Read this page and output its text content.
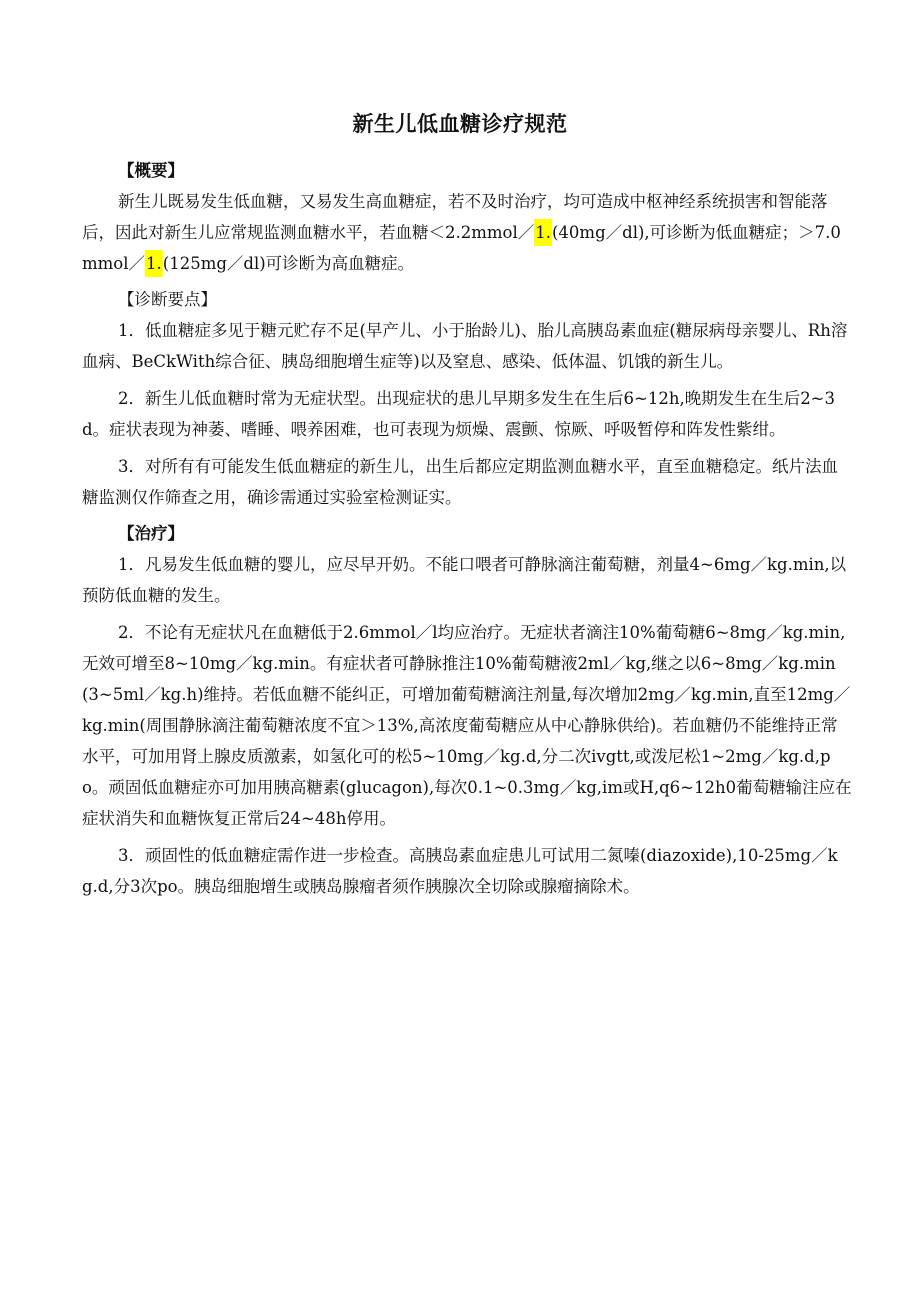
新生儿低血糖诊疗规范
【概要】

新生儿既易发生低血糖，又易发生高血糖症，若不及时治疗，均可造成中枢神经系统损害和智能落后，因此对新生儿应常规监测血糖水平，若血糖＜2.2mmol／1.(40mg／dl),可诊断为低血糖症；＞7.0mmol／1.(125mg／dl)可诊断为高血糖症。

【诊断要点】

1．低血糖症多见于糖元贮存不足(早产儿、小于胎龄儿)、胎儿高胰岛素血症(糖尿病母亲婴儿、Rh溶血病、BeCkWith综合征、胰岛细胞增生症等)以及窒息、感染、低体温、饥饿的新生儿。

2．新生儿低血糖时常为无症状型。出现症状的患儿早期多发生在生后6~12h,晚期发生在生后2~3d。症状表现为神萎、嗜睡、喂养困难，也可表现为烦燥、震颤、惊厥、呼吸暂停和阵发性紫绀。

3．对所有有可能发生低血糖症的新生儿，出生后都应定期监测血糖水平，直至血糖稳定。纸片法血糖监测仅作筛查之用，确诊需通过实验室检测证实。

【治疗】

1．凡易发生低血糖的婴儿，应尽早开奶。不能口喂者可静脉滴注葡萄糖，剂量4~6mg／kg.min,以预防低血糖的发生。

2．不论有无症状凡在血糖低于2.6mmol／l均应治疗。无症状者滴注10%葡萄糖6~8mg／kg.min,无效可增至8~10mg／kg.min。有症状者可静脉推注10%葡萄糖液2ml／kg,继之以6~8mg／kg.min(3~5ml／kg.h)维持。若低血糖不能纠正，可增加葡萄糖滴注剂量,每次增加2mg／kg.min,直至12mg／kg.min(周围静脉滴注葡萄糖浓度不宜＞13%,高浓度葡萄糖应从中心静脉供给)。若血糖仍不能维持正常水平，可加用肾上腺皮质激素，如氢化可的松5~10mg／kg.d,分二次ivgtt,或泼尼松1~2mg／kg.d,po。顽固低血糖症亦可加用胰高糖素(glucagon),每次0.1~0.3mg／kg,im或H,q6~12h0葡萄糖输注应在症状消失和血糖恢复正常后24~48h停用。

3．顽固性的低血糖症需作进一步检查。高胰岛素血症患儿可试用二氮嗪(diazoxide),10-25mg／kg.d,分3次po。胰岛细胞增生或胰岛腺瘤者须作胰腺次全切除或腺瘤摘除术。
